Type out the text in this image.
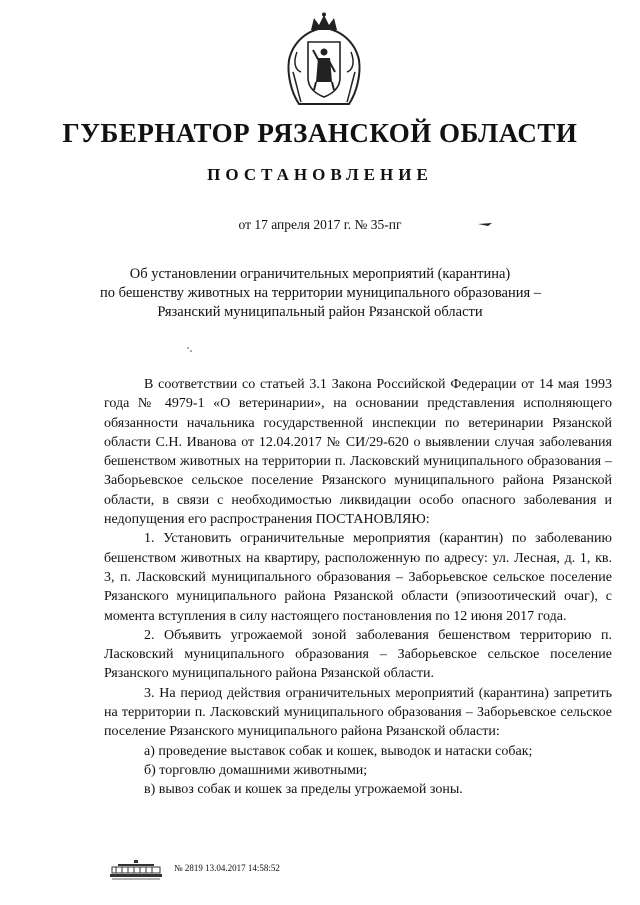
ГУБЕРНАТОР РЯЗАНСКОЙ ОБЛАСТИ
ПОСТАНОВЛЕНИЕ
от 17 апреля 2017 г. № 35-пг
Об установлении ограничительных мероприятий (карантина)
по бешенству животных на территории муниципального образования –
Рязанский муниципальный район Рязанской области

В соответствии со статьей 3.1 Закона Российской Федерации от 14 мая 1993 года № 4979-1 «О ветеринарии», на основании представления исполняющего обязанности начальника государственной инспекции по ветеринарии Рязанской области С.Н. Иванова от 12.04.2017 № СИ/29-620 о выявлении случая заболевания бешенством животных на территории п. Ласковский муниципального образования – Заборьевское сельское поселение Рязанского муниципального района Рязанской области, в связи с необходимостью ликвидации особо опасного заболевания и недопущения его распространения ПОСТАНОВЛЯЮ:

1. Установить ограничительные мероприятия (карантин) по заболеванию бешенством животных на квартиру, расположенную по адресу: ул. Лесная, д. 1, кв. 3, п. Ласковский муниципального образования – Заборьевское сельское поселение Рязанского муниципального района Рязанской области (эпизоотический очаг), с момента вступления в силу настоящего постановления по 12 июня 2017 года.

2. Объявить угрожаемой зоной заболевания бешенством территорию п. Ласковский муниципального образования – Заборьевское сельское поселение Рязанского муниципального района Рязанской области.

3. На период действия ограничительных мероприятий (карантина) запретить на территории п. Ласковский муниципального образования – Заборьевское сельское поселение Рязанского муниципального района Рязанской области:

а) проведение выставок собак и кошек, выводок и натаски собак;

б) торговлю домашними животными;

в) вывоз собак и кошек за пределы угрожаемой зоны.

№ 2819 13.04.2017 14:58:52
